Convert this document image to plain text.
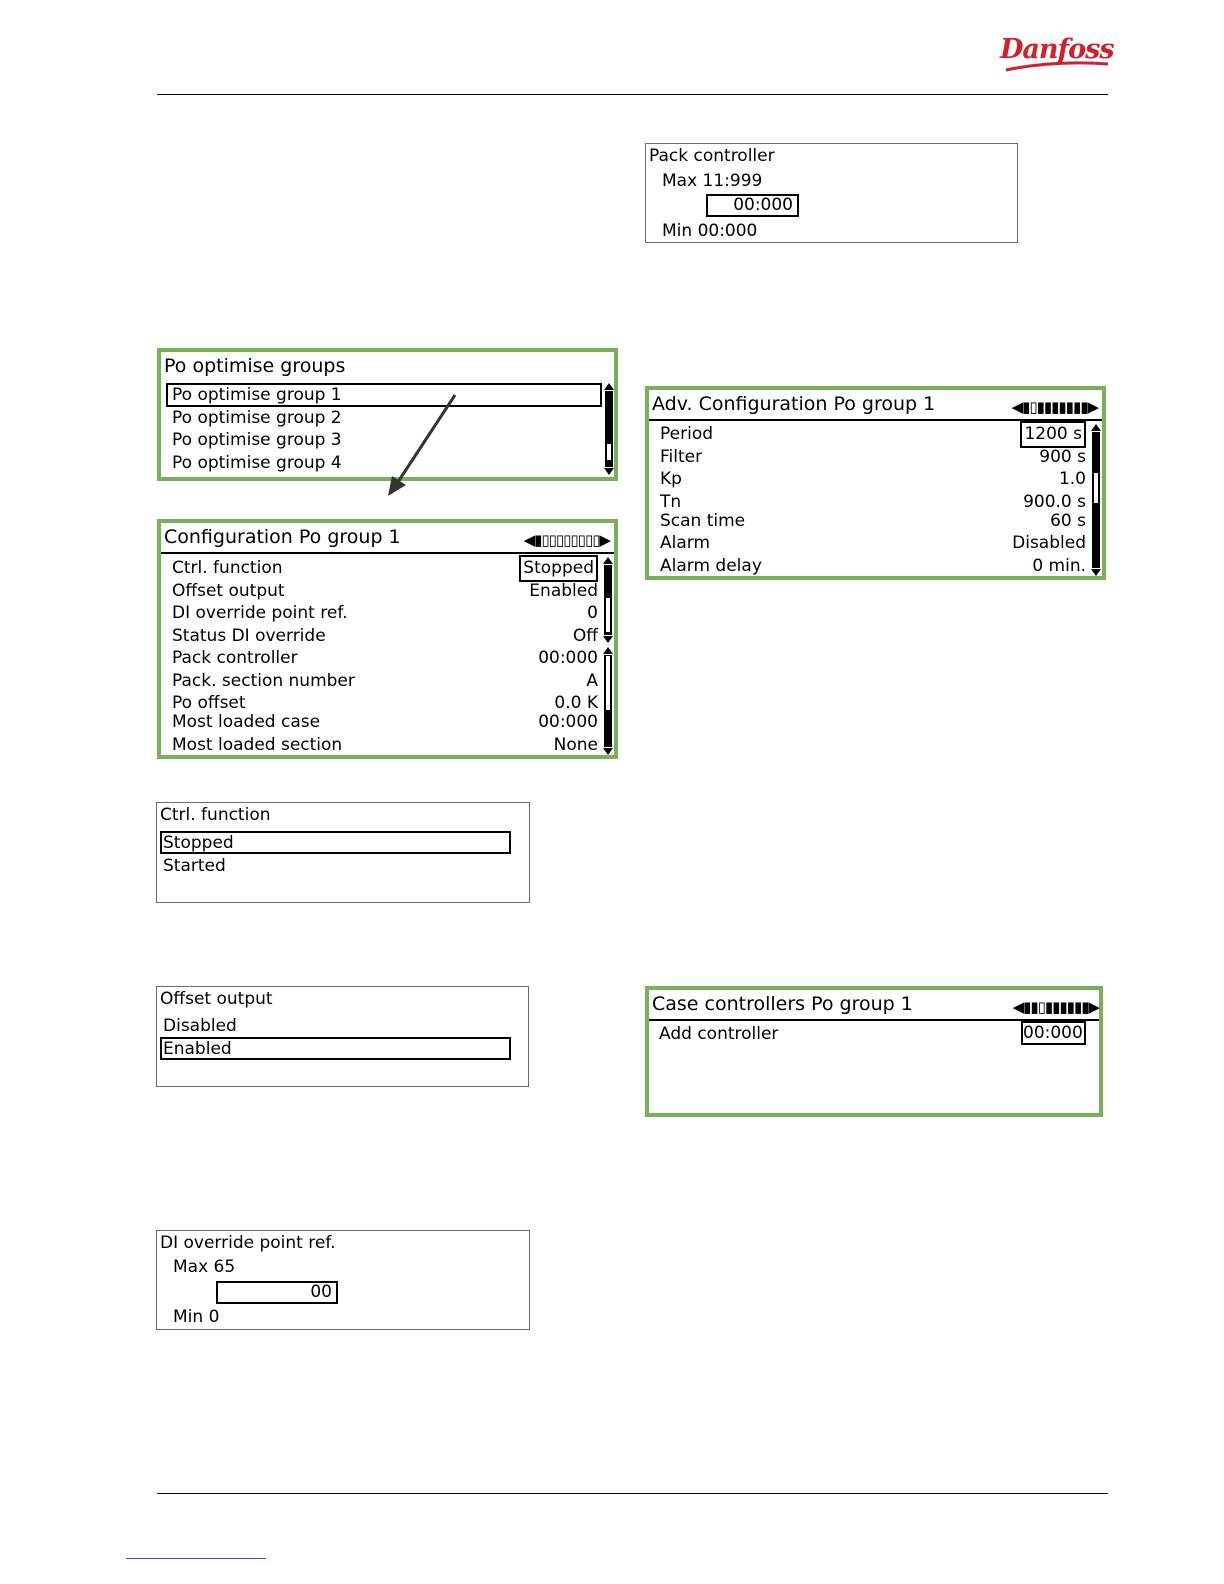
Danfoss
Pack controller
Max 11:999
00:000
Min 00:000
Po optimise groups
Po optimise group 1
Po optimise group 2
Po optimise group 3
Po optimise group 4
Adv. Configuration Po group 1	◀▮▯▮▮▮▮▮▮▮▶
Period	1200 s
Filter	900 s
Kp	1.0
Tn	900.0 s
Scan time	60 s
Alarm	Disabled
Alarm delay	0 min.
Configuration Po group 1	◀▮▯▯▯▯▯▯▯▯▶
Ctrl. function	Stopped
Offset output	Enabled
DI override point ref.	0
Status DI override	Off
Pack controller	00:000
Pack. section number	A
Po offset	0.0 K
Most loaded case	00:000
Most loaded section	None
Ctrl. function
Stopped
Started
Offset output
Disabled
Enabled
Case controllers Po group 1	◀▮▮▯▮▮▮▮▮▮▶
Add controller	00:000
DI override point ref.
Max 65
00
Min 0
